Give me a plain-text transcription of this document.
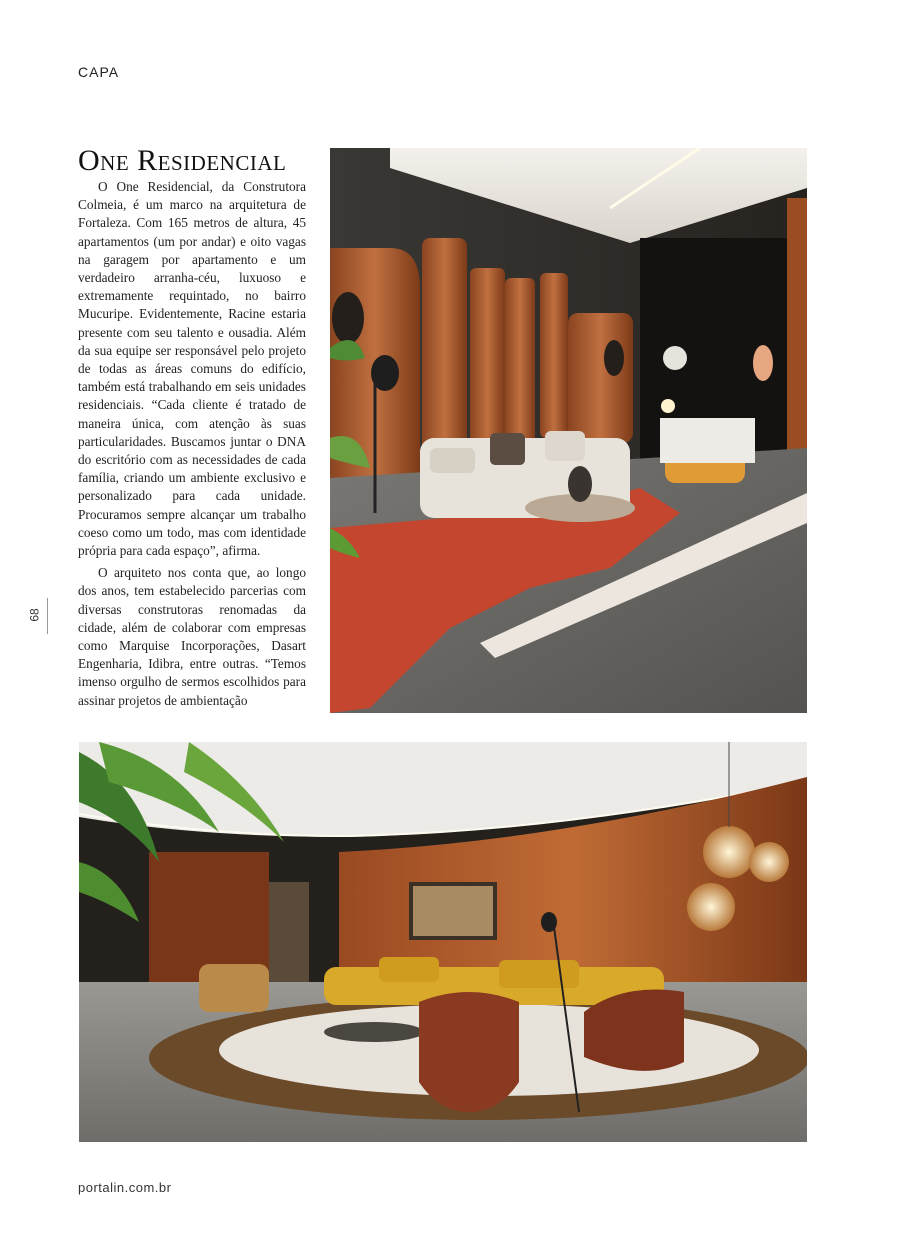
CAPA
One Residencial

O One Residencial, da Construtora Colmeia, é um marco na arquitetura de Fortaleza. Com 165 metros de altura, 45 apartamentos (um por andar) e oito vagas na garagem por apartamento e um verdadeiro arranha-céu, luxuoso e extremamente requintado, no bairro Mucuripe. Evidentemente, Racine estaria presente com seu talento e ousadia. Além da sua equipe ser responsável pelo projeto de todas as áreas comuns do edifício, também está trabalhando em seis unidades residenciais. “Cada cliente é tratado de maneira única, com atenção às suas particularidades. Buscamos juntar o DNA do escritório com as necessidades de cada família, criando um ambiente exclusivo e personalizado para cada unidade. Procuramos sempre alcançar um trabalho coeso como um todo, mas com identidade própria para cada espaço”, afirma.

O arquiteto nos conta que, ao longo dos anos, tem estabelecido parcerias com diversas construtoras renomadas da cidade, além de colaborar com empresas como Marquise Incorporações, Dasart Engenharia, Idibra, entre outras. “Temos imenso orgulho de sermos escolhidos para assinar projetos de ambientação

68
portalin.com.br
